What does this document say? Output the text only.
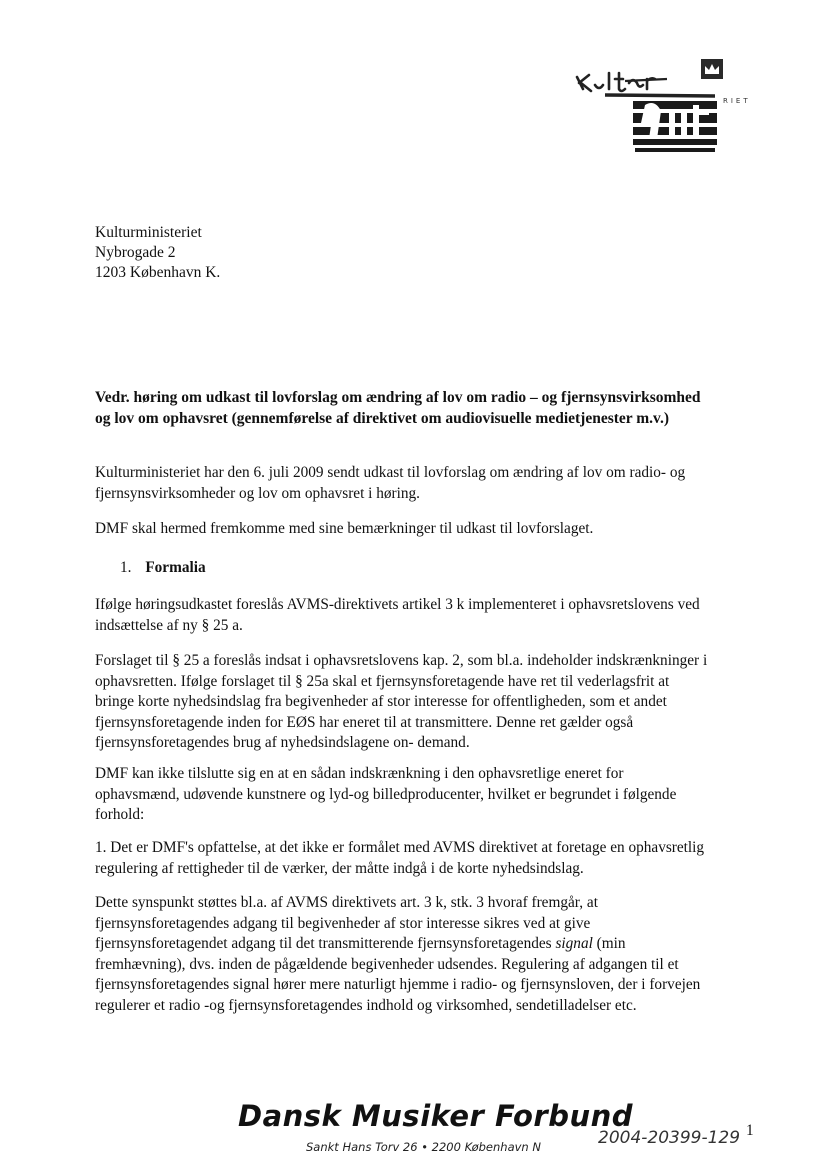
RIET
Kulturministeriet
Nybrogade 2
1203 København K.
Vedr. høring om udkast til lovforslag om ændring af lov om radio – og fjernsynsvirksomhed
og lov om ophavsret (gennemførelse af direktivet om audiovisuelle medietjenester m.v.)
Kulturministeriet har den 6. juli 2009 sendt udkast til lovforslag om ændring af lov om radio- og
fjernsynsvirksomheder og lov om ophavsret i høring.
DMF skal hermed fremkomme med sine bemærkninger til udkast til lovforslaget.
1. Formalia
Ifølge høringsudkastet foreslås AVMS-direktivets artikel 3 k implementeret i ophavsretslovens ved
indsættelse af ny § 25 a.
Forslaget til § 25 a foreslås indsat i ophavsretslovens kap. 2, som bl.a. indeholder indskrænkninger i
ophavsretten. Ifølge forslaget til § 25a skal et fjernsynsforetagende have ret til vederlagsfrit at
bringe korte nyhedsindslag fra begivenheder af stor interesse for offentligheden, som et andet
fjernsynsforetagende inden for EØS har eneret til at transmittere. Denne ret gælder også
fjernsynsforetagendes brug af nyhedsindslagene on- demand.
DMF kan ikke tilslutte sig en at en sådan indskrænkning i den ophavsretlige eneret for
ophavsmænd, udøvende kunstnere og lyd-og billedproducenter, hvilket er begrundet i følgende
forhold:
1. Det er DMF's opfattelse, at det ikke er formålet med AVMS direktivet at foretage en ophavsretlig
regulering af rettigheder til de værker, der måtte indgå i de korte nyhedsindslag.
Dette synspunkt støttes bl.a. af AVMS direktivets art. 3 k, stk. 3 hvoraf fremgår, at
fjernsynsforetagendes adgang til begivenheder af stor interesse sikres ved at give
fjernsynsforetagendet adgang til det transmitterende fjernsynsforetagendes signal (min
fremhævning), dvs. inden de pågældende begivenheder udsendes. Regulering af adgangen til et
fjernsynsforetagendes signal hører mere naturligt hjemme i radio- og fjernsynsloven, der i forvejen
regulerer et radio -og fjernsynsforetagendes indhold og virksomhed, sendetilladelser etc.
Dansk Musiker Forbund
Sankt Hans Torv 26 • 2200 København N	2004-20399-129 1
